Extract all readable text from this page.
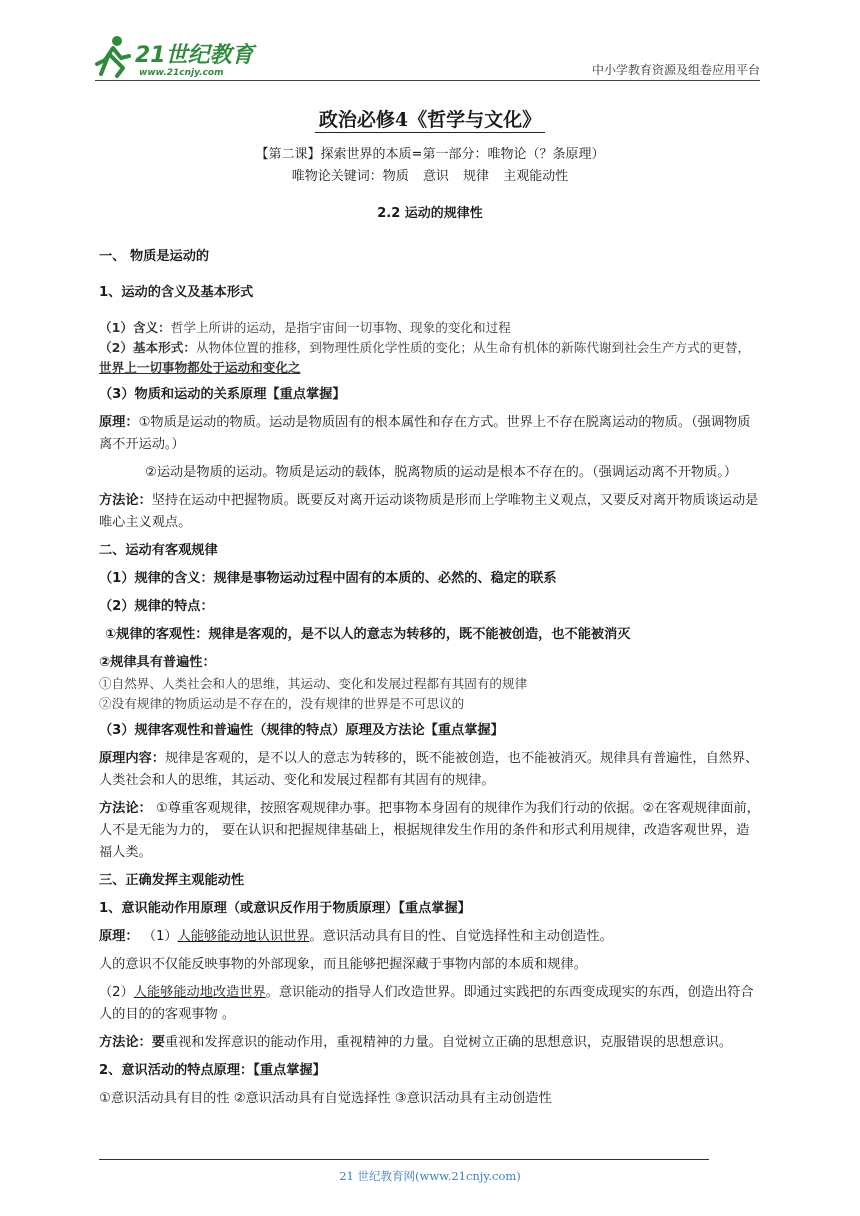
21世纪教育
www.21cnjy.com	中小学教育资源及组卷应用平台
政治必修4《哲学与文化》
【第二课】探索世界的本质=第一部分：唯物论（？条原理）
唯物论关键词：物质 意识 规律 主观能动性
2.2 运动的规律性

一、 物质是运动的

1、运动的含义及基本形式

（1）含义：哲学上所讲的运动，是指宇宙间一切事物、现象的变化和过程

（2）基本形式：从物体位置的推移，到物理性质化学性质的变化；从生命有机体的新陈代谢到社会生产方式的更替，世界上一切事物都处于运动和变化之

（3）物质和运动的关系原理【重点掌握】

原理：①物质是运动的物质。运动是物质固有的根本属性和存在方式。世界上不存在脱离运动的物质。（强调物质离不开运动。）

②运动是物质的运动。物质是运动的载体，脱离物质的运动是根本不存在的。（强调运动离不开物质。）

方法论：坚持在运动中把握物质。既要反对离开运动谈物质是形而上学唯物主义观点，又要反对离开物质谈运动是唯心主义观点。

二、运动有客观规律

（1）规律的含义：规律是事物运动过程中固有的本质的、必然的、稳定的联系

（2）规律的特点：

①规律的客观性：规律是客观的，是不以人的意志为转移的，既不能被创造，也不能被消灭

②规律具有普遍性：

①自然界、人类社会和人的思维，其运动、变化和发展过程都有其固有的规律

②没有规律的物质运动是不存在的，没有规律的世界是不可思议的

（3）规律客观性和普遍性（规律的特点）原理及方法论【重点掌握】

原理内容：规律是客观的，是不以人的意志为转移的，既不能被创造，也不能被消灭。规律具有普遍性，自然界、人类社会和人的思维，其运动、变化和发展过程都有其固有的规律。

方法论： ①尊重客观规律，按照客观规律办事。把事物本身固有的规律作为我们行动的依据。②在客观规律面前，人不是无能为力的， 要在认识和把握规律基础上，根据规律发生作用的条件和形式利用规律，改造客观世界，造福人类。

三、正确发挥主观能动性

1、意识能动作用原理（或意识反作用于物质原理）【重点掌握】

原理： （1）人能够能动地认识世界。意识活动具有目的性、自觉选择性和主动创造性。

人的意识不仅能反映事物的外部现象，而且能够把握深藏于事物内部的本质和规律。

（2）人能够能动地改造世界。意识能动的指导人们改造世界。即通过实践把的东西变成现实的东西，创造出符合人的目的的客观事物 。

方法论：要重视和发挥意识的能动作用，重视精神的力量。自觉树立正确的思想意识，克服错误的思想意识。

2、意识活动的特点原理：【重点掌握】

①意识活动具有目的性 ②意识活动具有自觉选择性 ③意识活动具有主动创造性

21 世纪教育网(www.21cnjy.com)
